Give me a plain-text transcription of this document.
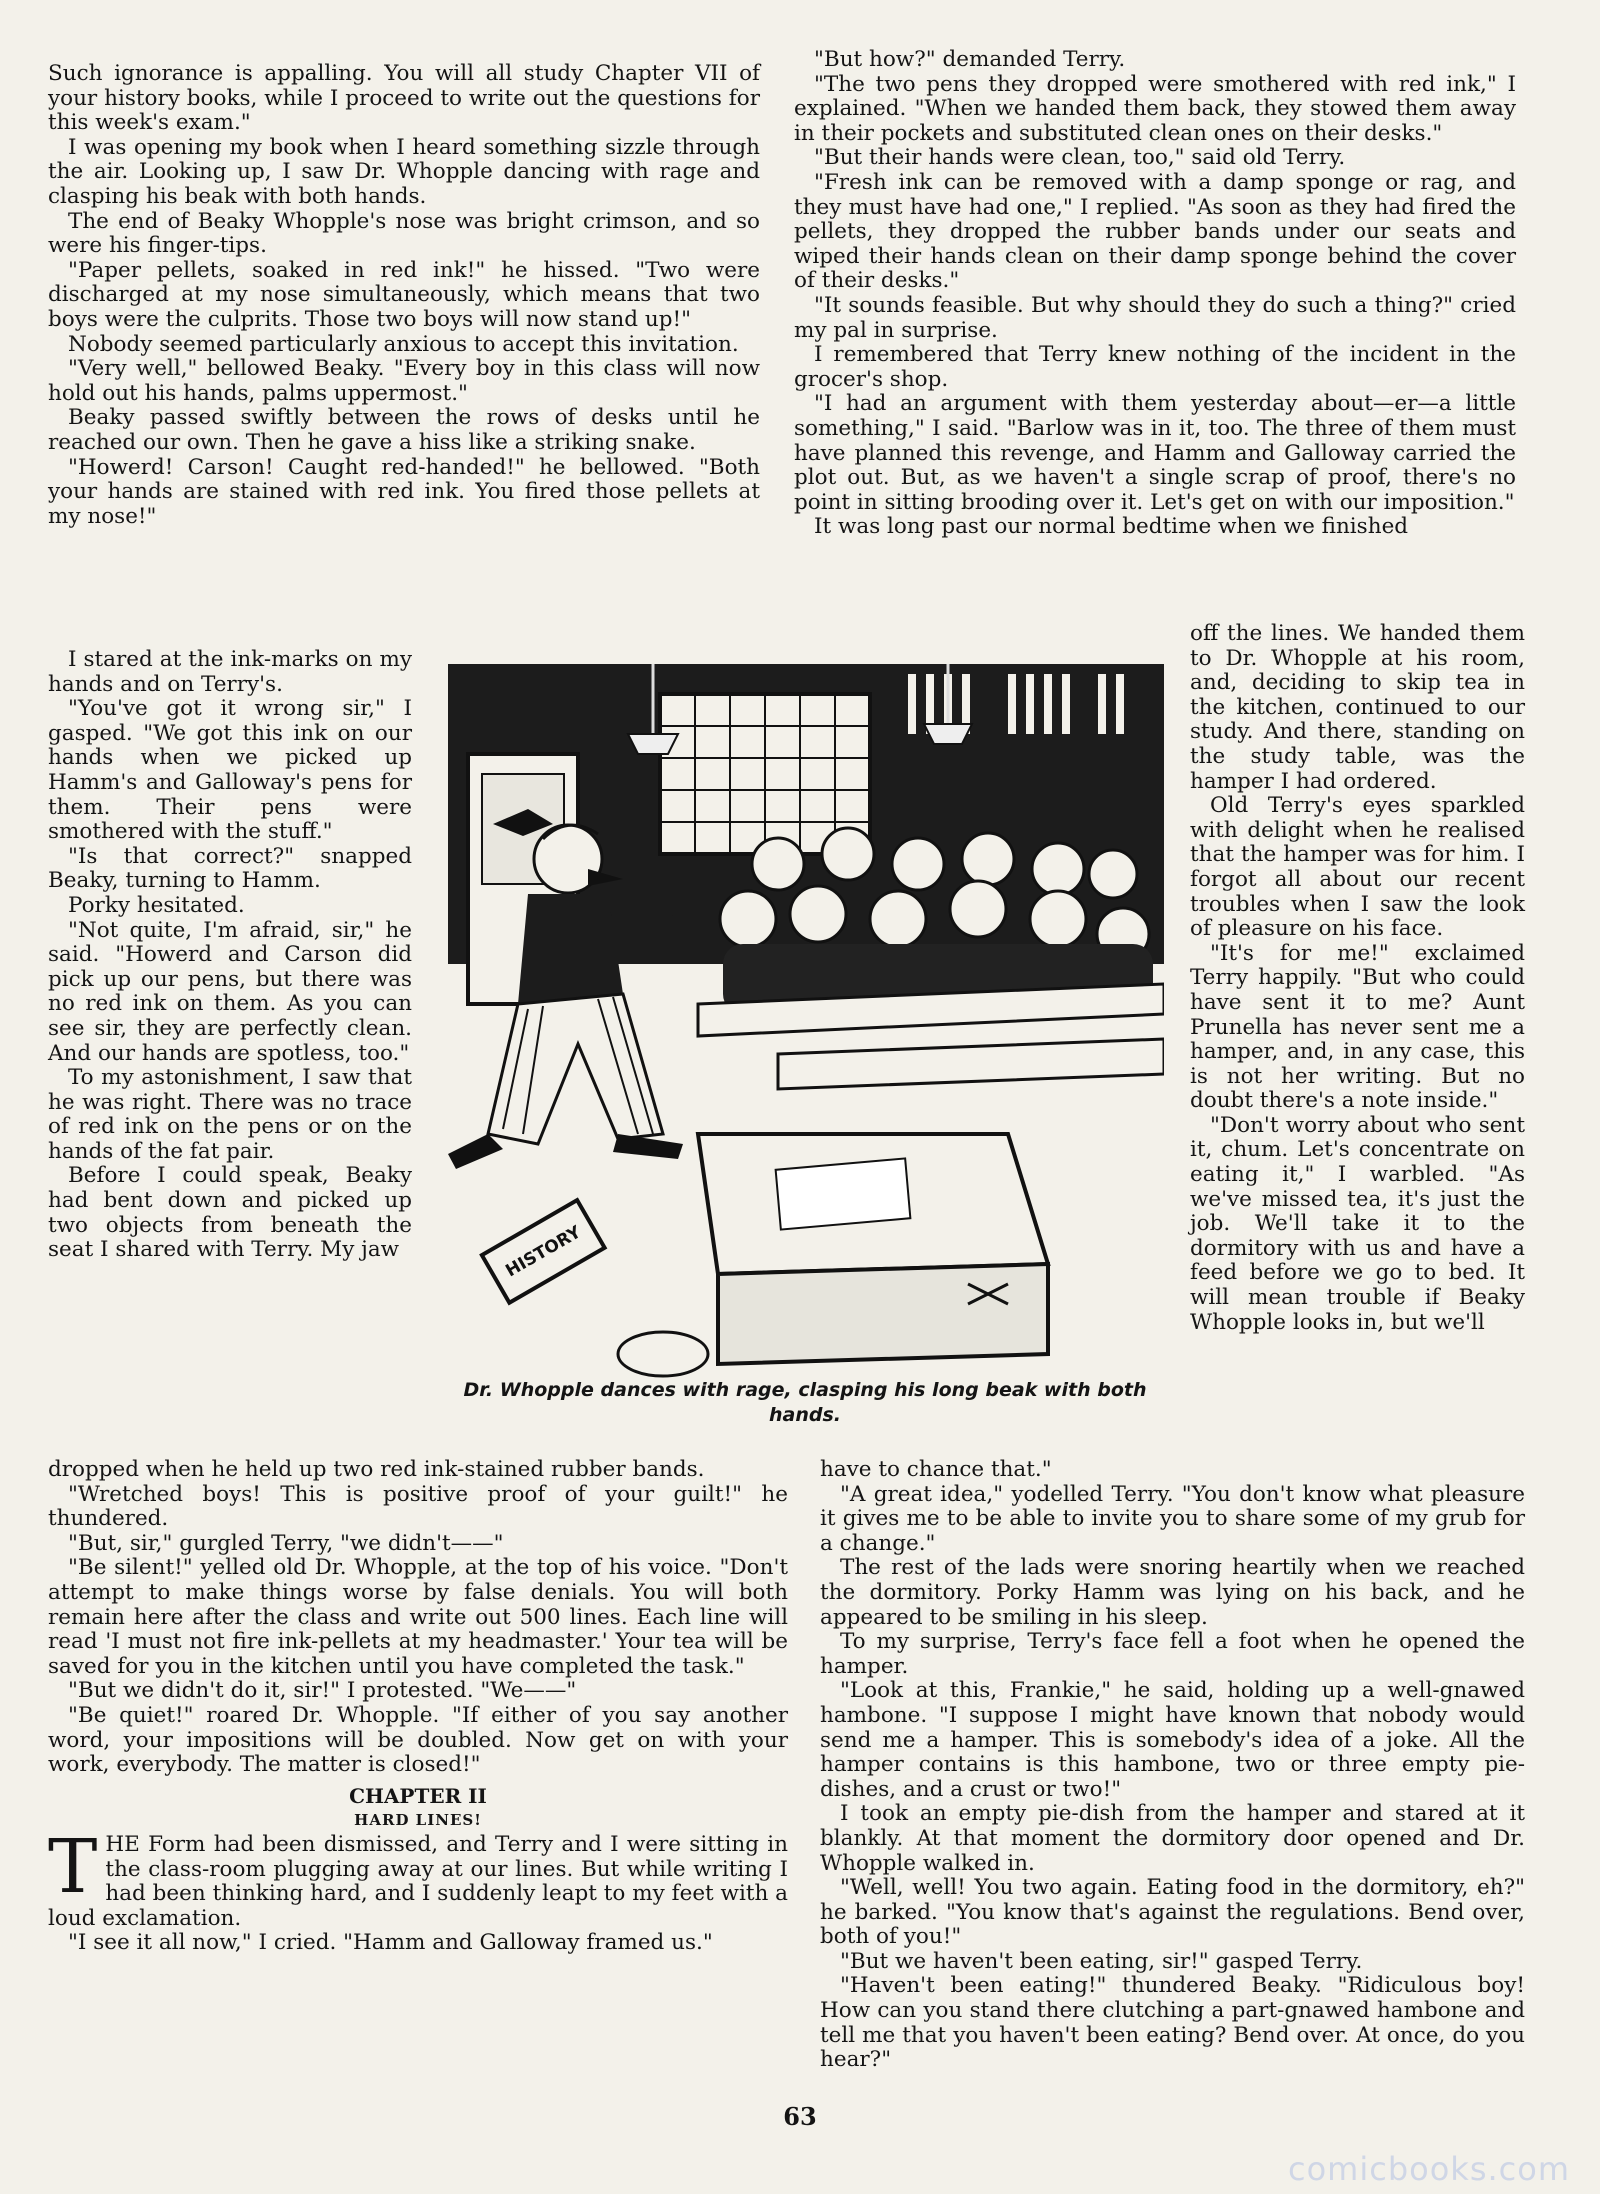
Such ignorance is appalling. You will all study Chapter VII of your history books, while I proceed to write out the questions for this week's exam."

I was opening my book when I heard something sizzle through the air. Looking up, I saw Dr. Whopple dancing with rage and clasping his beak with both hands.

The end of Beaky Whopple's nose was bright crimson, and so were his finger-tips.

"Paper pellets, soaked in red ink!" he hissed. "Two were discharged at my nose simultaneously, which means that two boys were the culprits. Those two boys will now stand up!"

Nobody seemed particularly anxious to accept this invitation.

"Very well," bellowed Beaky. "Every boy in this class will now hold out his hands, palms uppermost."

Beaky passed swiftly between the rows of desks until he reached our own. Then he gave a hiss like a striking snake.

"Howerd! Carson! Caught red-handed!" he bellowed. "Both your hands are stained with red ink. You fired those pellets at my nose!"

I stared at the ink-marks on my hands and on Terry's.

"You've got it wrong sir," I gasped. "We got this ink on our hands when we picked up Hamm's and Galloway's pens for them. Their pens were smothered with the stuff."

"Is that correct?" snapped Beaky, turning to Hamm.

Porky hesitated.

"Not quite, I'm afraid, sir," he said. "Howerd and Carson did pick up our pens, but there was no red ink on them. As you can see sir, they are perfectly clean. And our hands are spotless, too."

To my astonishment, I saw that he was right. There was no trace of red ink on the pens or on the hands of the fat pair.

Before I could speak, Beaky had bent down and picked up two objects from beneath the seat I shared with Terry. My jaw

dropped when he held up two red ink-stained rubber bands.

"Wretched boys! This is positive proof of your guilt!" he thundered.

"But, sir," gurgled Terry, "we didn't——"

"Be silent!" yelled old Dr. Whopple, at the top of his voice. "Don't attempt to make things worse by false denials. You will both remain here after the class and write out 500 lines. Each line will read 'I must not fire ink-pellets at my headmaster.' Your tea will be saved for you in the kitchen until you have completed the task."

"But we didn't do it, sir!" I protested. "We——"

"Be quiet!" roared Dr. Whopple. "If either of you say another word, your impositions will be doubled. Now get on with your work, everybody. The matter is closed!"

CHAPTER II

HARD LINES!

THE Form had been dismissed, and Terry and I were sitting in the class-room plugging away at our lines. But while writing I had been thinking hard, and I suddenly leapt to my feet with a loud exclamation.

"I see it all now," I cried. "Hamm and Galloway framed us."

"But how?" demanded Terry.

"The two pens they dropped were smothered with red ink," I explained. "When we handed them back, they stowed them away in their pockets and substituted clean ones on their desks."

"But their hands were clean, too," said old Terry.

"Fresh ink can be removed with a damp sponge or rag, and they must have had one," I replied. "As soon as they had fired the pellets, they dropped the rubber bands under our seats and wiped their hands clean on their damp sponge behind the cover of their desks."

"It sounds feasible. But why should they do such a thing?" cried my pal in surprise.

I remembered that Terry knew nothing of the incident in the grocer's shop.

"I had an argument with them yesterday about—er—a little something," I said. "Barlow was in it, too. The three of them must have planned this revenge, and Hamm and Galloway carried the plot out. But, as we haven't a single scrap of proof, there's no point in sitting brooding over it. Let's get on with our imposition."

It was long past our normal bedtime when we finished

off the lines. We handed them to Dr. Whopple at his room, and, deciding to skip tea in the kitchen, continued to our study. And there, standing on the study table, was the hamper I had ordered.

Old Terry's eyes sparkled with delight when he realised that the hamper was for him. I forgot all about our recent troubles when I saw the look of pleasure on his face.

"It's for me!" exclaimed Terry happily. "But who could have sent it to me? Aunt Prunella has never sent me a hamper, and, in any case, this is not her writing. But no doubt there's a note inside."

"Don't worry about who sent it, chum. Let's concentrate on eating it," I warbled. "As we've missed tea, it's just the job. We'll take it to the dormitory with us and have a feed before we go to bed. It will mean trouble if Beaky Whopple looks in, but we'll

have to chance that."

"A great idea," yodelled Terry. "You don't know what pleasure it gives me to be able to invite you to share some of my grub for a change."

The rest of the lads were snoring heartily when we reached the dormitory. Porky Hamm was lying on his back, and he appeared to be smiling in his sleep.

To my surprise, Terry's face fell a foot when he opened the hamper.

"Look at this, Frankie," he said, holding up a well-gnawed hambone. "I suppose I might have known that nobody would send me a hamper. This is somebody's idea of a joke. All the hamper contains is this hambone, two or three empty pie-dishes, and a crust or two!"

I took an empty pie-dish from the hamper and stared at it blankly. At that moment the dormitory door opened and Dr. Whopple walked in.

"Well, well! You two again. Eating food in the dormitory, eh?" he barked. "You know that's against the regulations. Bend over, both of you!"

"But we haven't been eating, sir!" gasped Terry.

"Haven't been eating!" thundered Beaky. "Ridiculous boy! How can you stand there clutching a part-gnawed hambone and tell me that you haven't been eating? Bend over. At once, do you hear?"

HISTORY
Dr. Whopple dances with rage, clasping his long beak with both hands.
63
comicbooks.com
